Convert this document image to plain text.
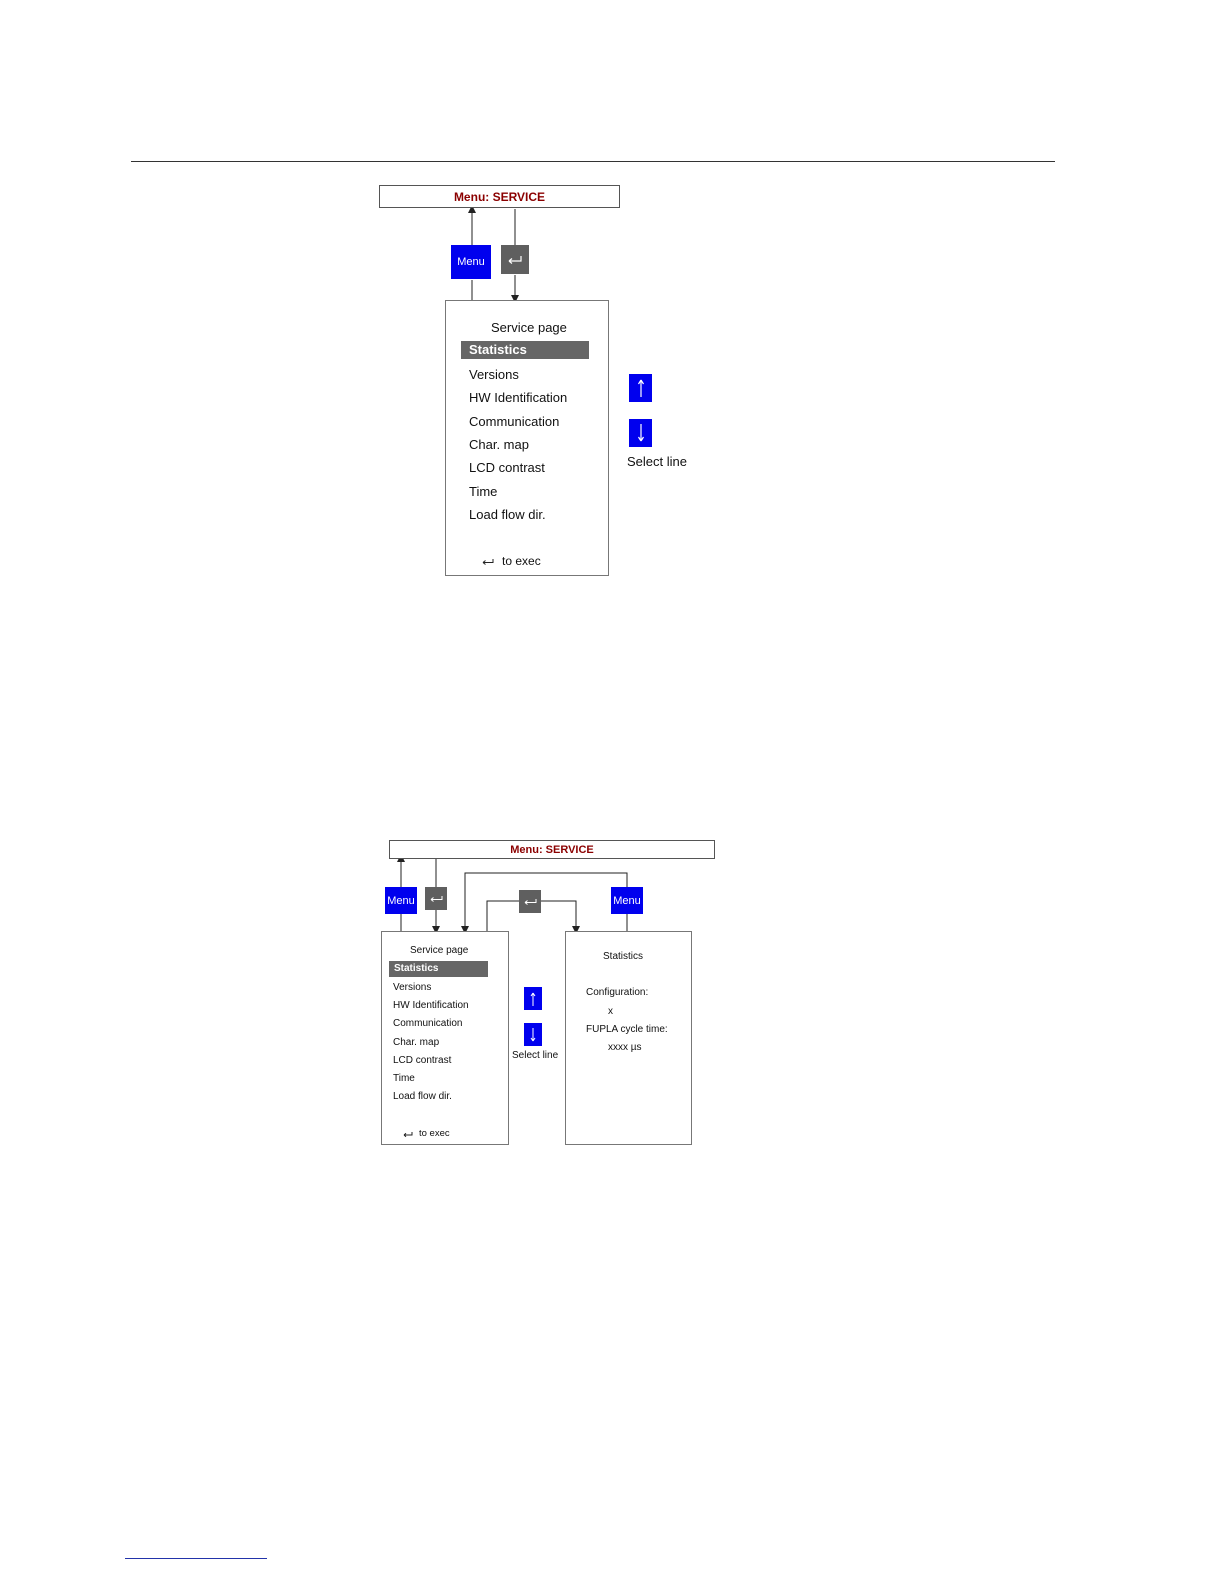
Menu: SERVICE
Menu
Service page
Statistics
Versions
HW Identification
Communication
Char. map
LCD contrast
Time
Load flow dir.
to exec
Select line
Menu: SERVICE
Menu	Menu
Service page
Statistics
Versions
HW Identification
Communication
Char. map
LCD contrast
Time
Load flow dir.
to exec
Select line
Statistics
Configuration:
x
FUPLA cycle time:
xxxx µs
